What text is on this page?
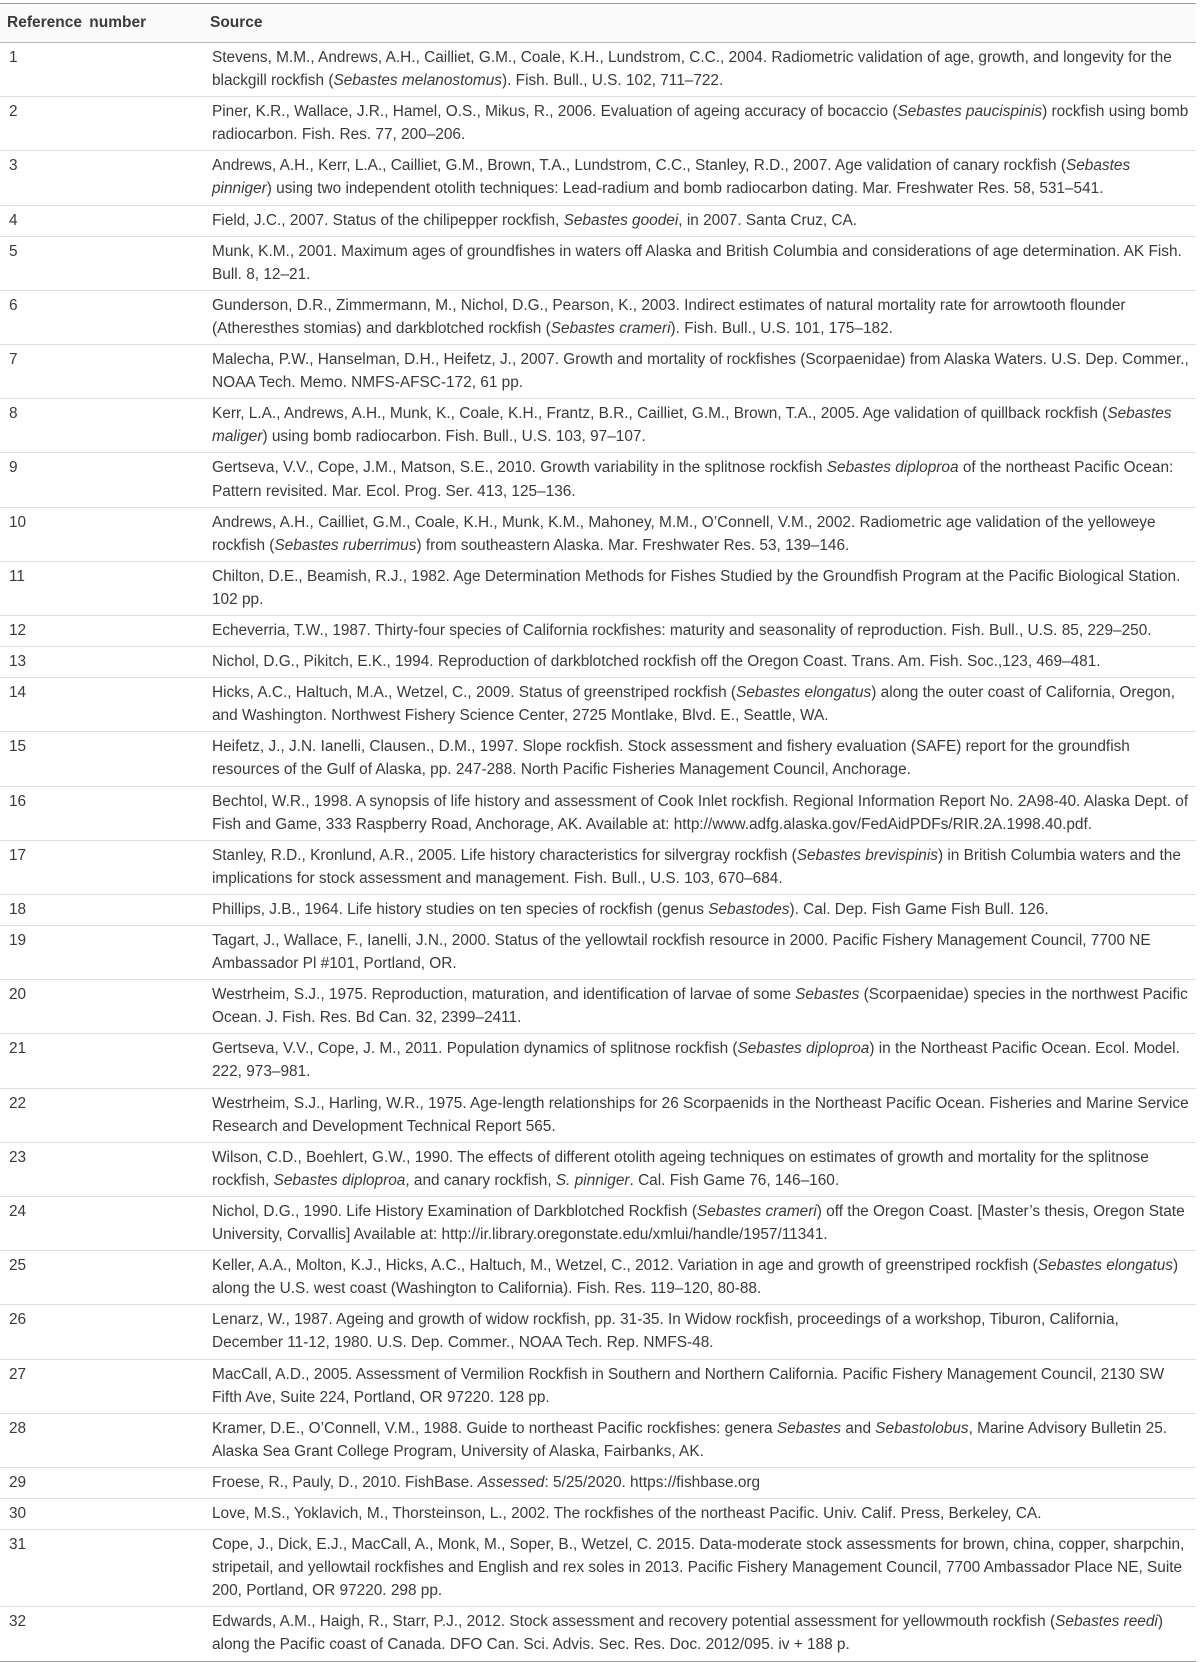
Reference number	Source
1	Stevens, M.M., Andrews, A.H., Cailliet, G.M., Coale, K.H., Lundstrom, C.C., 2004. Radiometric validation of age, growth, and longevity for the blackgill rockfish (Sebastes melanostomus). Fish. Bull., U.S. 102, 711–722.
2	Piner, K.R., Wallace, J.R., Hamel, O.S., Mikus, R., 2006. Evaluation of ageing accuracy of bocaccio (Sebastes paucispinis) rockfish using bomb radiocarbon. Fish. Res. 77, 200–206.
3	Andrews, A.H., Kerr, L.A., Cailliet, G.M., Brown, T.A., Lundstrom, C.C., Stanley, R.D., 2007. Age validation of canary rockfish (Sebastes pinniger) using two independent otolith techniques: Lead-radium and bomb radiocarbon dating. Mar. Freshwater Res. 58, 531–541.
4	Field, J.C., 2007. Status of the chilipepper rockfish, Sebastes goodei, in 2007. Santa Cruz, CA.
5	Munk, K.M., 2001. Maximum ages of groundfishes in waters off Alaska and British Columbia and considerations of age determination. AK Fish. Bull. 8, 12–21.
6	Gunderson, D.R., Zimmermann, M., Nichol, D.G., Pearson, K., 2003. Indirect estimates of natural mortality rate for arrowtooth flounder (Atheresthes stomias) and darkblotched rockfish (Sebastes crameri). Fish. Bull., U.S. 101, 175–182.
7	Malecha, P.W., Hanselman, D.H., Heifetz, J., 2007. Growth and mortality of rockfishes (Scorpaenidae) from Alaska Waters. U.S. Dep. Commer., NOAA Tech. Memo. NMFS-AFSC-172, 61 pp.
8	Kerr, L.A., Andrews, A.H., Munk, K., Coale, K.H., Frantz, B.R., Cailliet, G.M., Brown, T.A., 2005. Age validation of quillback rockfish (Sebastes maliger) using bomb radiocarbon. Fish. Bull., U.S. 103, 97–107.
9	Gertseva, V.V., Cope, J.M., Matson, S.E., 2010. Growth variability in the splitnose rockfish Sebastes diploproa of the northeast Pacific Ocean: Pattern revisited. Mar. Ecol. Prog. Ser. 413, 125–136.
10	Andrews, A.H., Cailliet, G.M., Coale, K.H., Munk, K.M., Mahoney, M.M., O’Connell, V.M., 2002. Radiometric age validation of the yelloweye rockfish (Sebastes ruberrimus) from southeastern Alaska. Mar. Freshwater Res. 53, 139–146.
11	Chilton, D.E., Beamish, R.J., 1982. Age Determination Methods for Fishes Studied by the Groundfish Program at the Pacific Biological Station. 102 pp.
12	Echeverria, T.W., 1987. Thirty-four species of California rockfishes: maturity and seasonality of reproduction. Fish. Bull., U.S. 85, 229–250.
13	Nichol, D.G., Pikitch, E.K., 1994. Reproduction of darkblotched rockfish off the Oregon Coast. Trans. Am. Fish. Soc.,123, 469–481.
14	Hicks, A.C., Haltuch, M.A., Wetzel, C., 2009. Status of greenstriped rockfish (Sebastes elongatus) along the outer coast of California, Oregon, and Washington. Northwest Fishery Science Center, 2725 Montlake, Blvd. E., Seattle, WA.
15	Heifetz, J., J.N. Ianelli, Clausen., D.M., 1997. Slope rockfish. Stock assessment and fishery evaluation (SAFE) report for the groundfish resources of the Gulf of Alaska, pp. 247-288. North Pacific Fisheries Management Council, Anchorage.
16	Bechtol, W.R., 1998. A synopsis of life history and assessment of Cook Inlet rockfish. Regional Information Report No. 2A98-40. Alaska Dept. of Fish and Game, 333 Raspberry Road, Anchorage, AK. Available at: http://www.adfg.alaska.gov/FedAidPDFs/RIR.2A.1998.40.pdf.
17	Stanley, R.D., Kronlund, A.R., 2005. Life history characteristics for silvergray rockfish (Sebastes brevispinis) in British Columbia waters and the implications for stock assessment and management. Fish. Bull., U.S. 103, 670–684.
18	Phillips, J.B., 1964. Life history studies on ten species of rockfish (genus Sebastodes). Cal. Dep. Fish Game Fish Bull. 126.
19	Tagart, J., Wallace, F., Ianelli, J.N., 2000. Status of the yellowtail rockfish resource in 2000. Pacific Fishery Management Council, 7700 NE Ambassador Pl #101, Portland, OR.
20	Westrheim, S.J., 1975. Reproduction, maturation, and identification of larvae of some Sebastes (Scorpaenidae) species in the northwest Pacific Ocean. J. Fish. Res. Bd Can. 32, 2399–2411.
21	Gertseva, V.V., Cope, J. M., 2011. Population dynamics of splitnose rockfish (Sebastes diploproa) in the Northeast Pacific Ocean. Ecol. Model. 222, 973–981.
22	Westrheim, S.J., Harling, W.R., 1975. Age-length relationships for 26 Scorpaenids in the Northeast Pacific Ocean. Fisheries and Marine Service Research and Development Technical Report 565.
23	Wilson, C.D., Boehlert, G.W., 1990. The effects of different otolith ageing techniques on estimates of growth and mortality for the splitnose rockfish, Sebastes diploproa, and canary rockfish, S. pinniger. Cal. Fish Game 76, 146–160.
24	Nichol, D.G., 1990. Life History Examination of Darkblotched Rockfish (Sebastes crameri) off the Oregon Coast. [Master’s thesis, Oregon State University, Corvallis] Available at: http://ir.library.oregonstate.edu/xmlui/handle/1957/11341.
25	Keller, A.A., Molton, K.J., Hicks, A.C., Haltuch, M., Wetzel, C., 2012. Variation in age and growth of greenstriped rockfish (Sebastes elongatus) along the U.S. west coast (Washington to California). Fish. Res. 119–120, 80-88.
26	Lenarz, W., 1987. Ageing and growth of widow rockfish, pp. 31-35. In Widow rockfish, proceedings of a workshop, Tiburon, California, December 11-12, 1980. U.S. Dep. Commer., NOAA Tech. Rep. NMFS-48.
27	MacCall, A.D., 2005. Assessment of Vermilion Rockfish in Southern and Northern California. Pacific Fishery Management Council, 2130 SW Fifth Ave, Suite 224, Portland, OR 97220. 128 pp.
28	Kramer, D.E., O’Connell, V.M., 1988. Guide to northeast Pacific rockfishes: genera Sebastes and Sebastolobus, Marine Advisory Bulletin 25. Alaska Sea Grant College Program, University of Alaska, Fairbanks, AK.
29	Froese, R., Pauly, D., 2010. FishBase. Assessed: 5/25/2020. https://fishbase.org
30	Love, M.S., Yoklavich, M., Thorsteinson, L., 2002. The rockfishes of the northeast Pacific. Univ. Calif. Press, Berkeley, CA.
31	Cope, J., Dick, E.J., MacCall, A., Monk, M., Soper, B., Wetzel, C. 2015. Data-moderate stock assessments for brown, china, copper, sharpchin, stripetail, and yellowtail rockfishes and English and rex soles in 2013. Pacific Fishery Management Council, 7700 Ambassador Place NE, Suite 200, Portland, OR 97220. 298 pp.
32	Edwards, A.M., Haigh, R., Starr, P.J., 2012. Stock assessment and recovery potential assessment for yellowmouth rockfish (Sebastes reedi) along the Pacific coast of Canada. DFO Can. Sci. Advis. Sec. Res. Doc. 2012/095. iv + 188 p.
